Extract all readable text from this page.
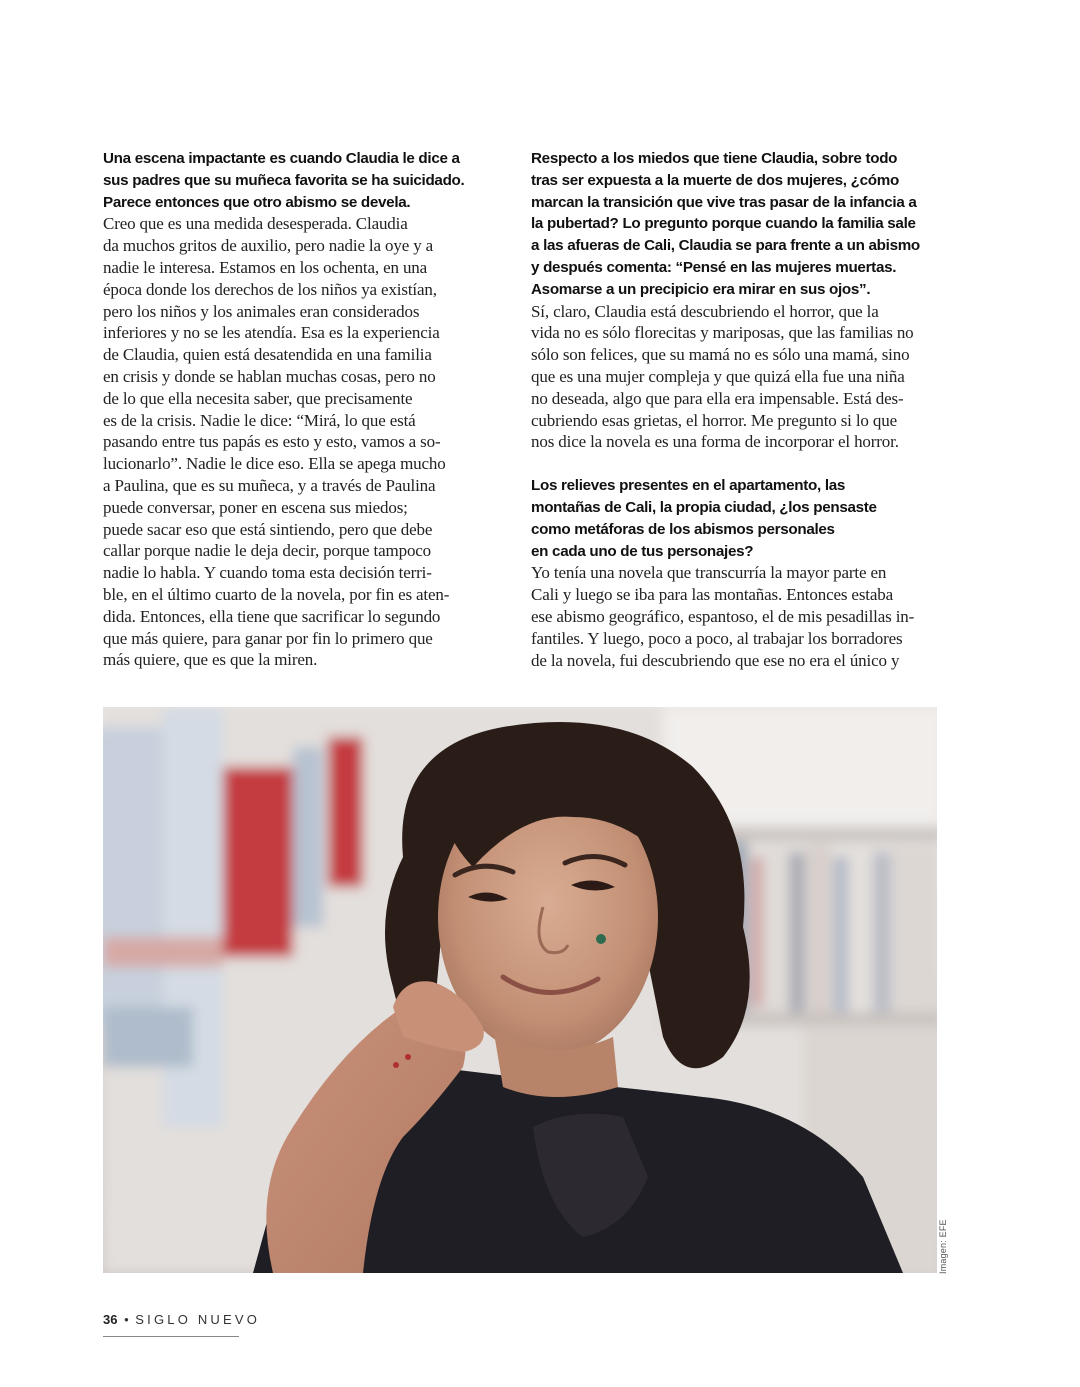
Una escena impactante es cuando Claudia le dice a
sus padres que su muñeca favorita se ha suicidado.
Parece entonces que otro abismo se devela.
Creo que es una medida desesperada. Claudia
da muchos gritos de auxilio, pero nadie la oye y a
nadie le interesa. Estamos en los ochenta, en una
época donde los derechos de los niños ya existían,
pero los niños y los animales eran considerados
inferiores y no se les atendía. Esa es la experiencia
de Claudia, quien está desatendida en una familia
en crisis y donde se hablan muchas cosas, pero no
de lo que ella necesita saber, que precisamente
es de la crisis. Nadie le dice: “Mirá, lo que está
pasando entre tus papás es esto y esto, vamos a so-
lucionarlo”. Nadie le dice eso. Ella se apega mucho
a Paulina, que es su muñeca, y a través de Paulina
puede conversar, poner en escena sus miedos;
puede sacar eso que está sintiendo, pero que debe
callar porque nadie le deja decir, porque tampoco
nadie lo habla. Y cuando toma esta decisión terri-
ble, en el último cuarto de la novela, por fin es aten-
dida. Entonces, ella tiene que sacrificar lo segundo
que más quiere, para ganar por fin lo primero que
más quiere, que es que la miren.
Respecto a los miedos que tiene Claudia, sobre todo
tras ser expuesta a la muerte de dos mujeres, ¿cómo
marcan la transición que vive tras pasar de la infancia a
la pubertad? Lo pregunto porque cuando la familia sale
a las afueras de Cali, Claudia se para frente a un abismo
y después comenta: “Pensé en las mujeres muertas.
Asomarse a un precipicio era mirar en sus ojos”.
Sí, claro, Claudia está descubriendo el horror, que la
vida no es sólo florecitas y mariposas, que las familias no
sólo son felices, que su mamá no es sólo una mamá, sino
que es una mujer compleja y que quizá ella fue una niña
no deseada, algo que para ella era impensable. Está des-
cubriendo esas grietas, el horror. Me pregunto si lo que
nos dice la novela es una forma de incorporar el horror.
Los relieves presentes en el apartamento, las
montañas de Cali, la propia ciudad, ¿los pensaste
como metáforas de los abismos personales
en cada uno de tus personajes?
Yo tenía una novela que transcurría la mayor parte en
Cali y luego se iba para las montañas. Entonces estaba
ese abismo geográfico, espantoso, el de mis pesadillas in-
fantiles. Y luego, poco a poco, al trabajar los borradores
de la novela, fui descubriendo que ese no era el único y
Imagen: EFE
36 • SIGLO NUEVO
